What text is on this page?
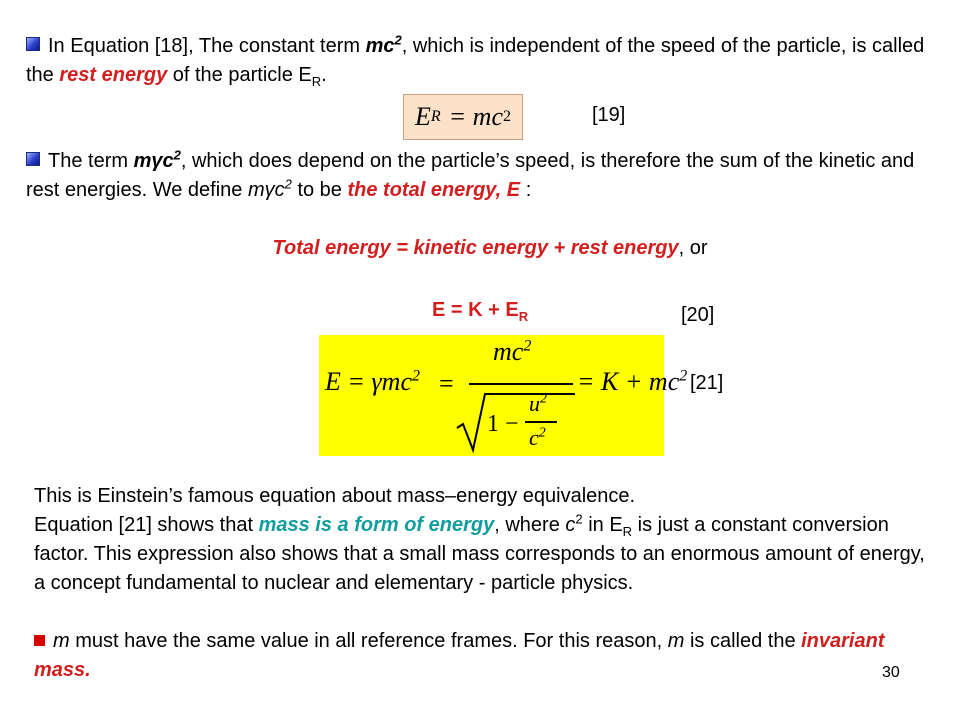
In Equation [18], The constant term $mc^2$, which is independent of the speed of the particle, is called the rest energy of the particle $E_R$.
E R = mc 2	[19]
The term mγc$^2$, which does depend on the particle’s speed, is therefore the sum of the kinetic and rest energies. We define mγc$^2$ to be the total energy, E :
Total energy = kinetic energy + rest energy, or
$E = K + E_R$	[20]
E = γmc$^2$ =
$mc^2$
1 −
$u^2$
$c^2$
= $K + mc^2$ [21]
This is Einstein’s famous equation about mass–energy equivalence.
Equation [21] shows that mass is a form of energy, where $c^2$ in $E_R$ is just a constant conversion factor. This expression also shows that a small mass corresponds to an enormous amount of energy, a concept fundamental to nuclear and elementary - particle physics.
m must have the same value in all reference frames. For this reason, m is called the invariant mass.	30
